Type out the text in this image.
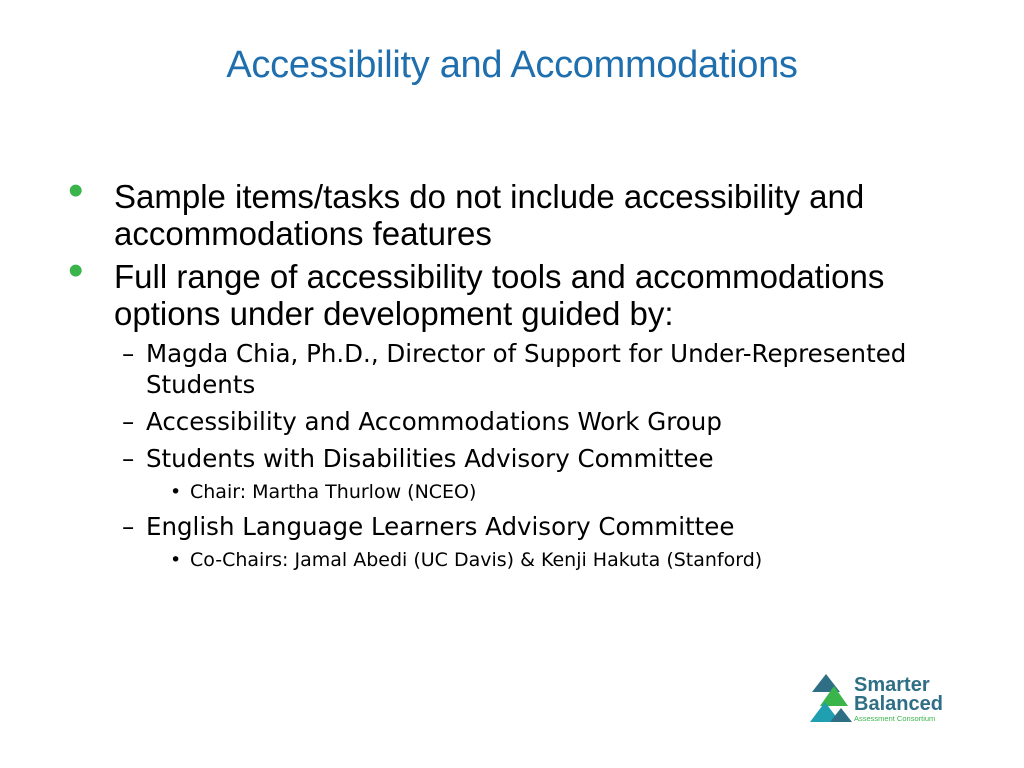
Accessibility and Accommodations
• Sample items/tasks do not include accessibility and accommodations features
• Full range of accessibility tools and accommodations options under development guided by:
– Magda Chia, Ph.D., Director of Support for Under-Represented Students
– Accessibility and Accommodations Work Group
– Students with Disabilities Advisory Committee
• Chair: Martha Thurlow (NCEO)
– English Language Learners Advisory Committee
• Co-Chairs: Jamal Abedi (UC Davis) & Kenji Hakuta (Stanford)
Smarter
Balanced
Assessment Consortium
